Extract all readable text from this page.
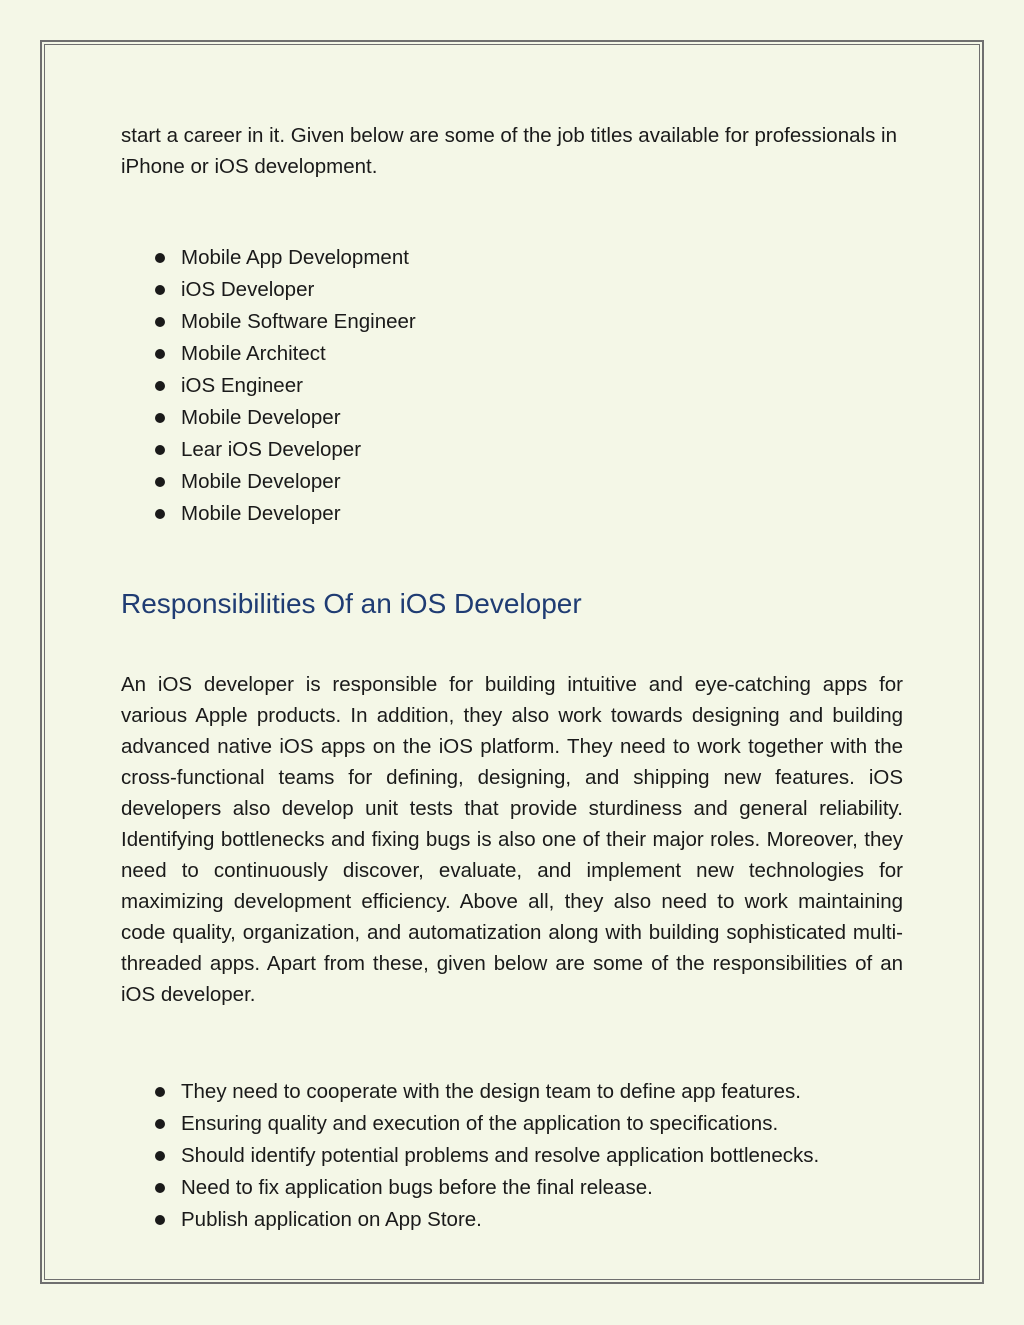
start a career in it. Given below are some of the job titles available for professionals in iPhone or iOS development.

Mobile App Development
iOS Developer
Mobile Software Engineer
Mobile Architect
iOS Engineer
Mobile Developer
Lear iOS Developer
Mobile Developer
Mobile Developer
Responsibilities Of an iOS Developer

An iOS developer is responsible for building intuitive and eye-catching apps for various Apple products. In addition, they also work towards designing and building advanced native iOS apps on the iOS platform. They need to work together with the cross-functional teams for defining, designing, and shipping new features. iOS developers also develop unit tests that provide sturdiness and general reliability. Identifying bottlenecks and fixing bugs is also one of their major roles. Moreover, they need to continuously discover, evaluate, and implement new technologies for maximizing development efficiency. Above all, they also need to work maintaining code quality, organization, and automatization along with building sophisticated multi-threaded apps. Apart from these, given below are some of the responsibilities of an iOS developer.

They need to cooperate with the design team to define app features.
Ensuring quality and execution of the application to specifications.
Should identify potential problems and resolve application bottlenecks.
Need to fix application bugs before the final release.
Publish application on App Store.
